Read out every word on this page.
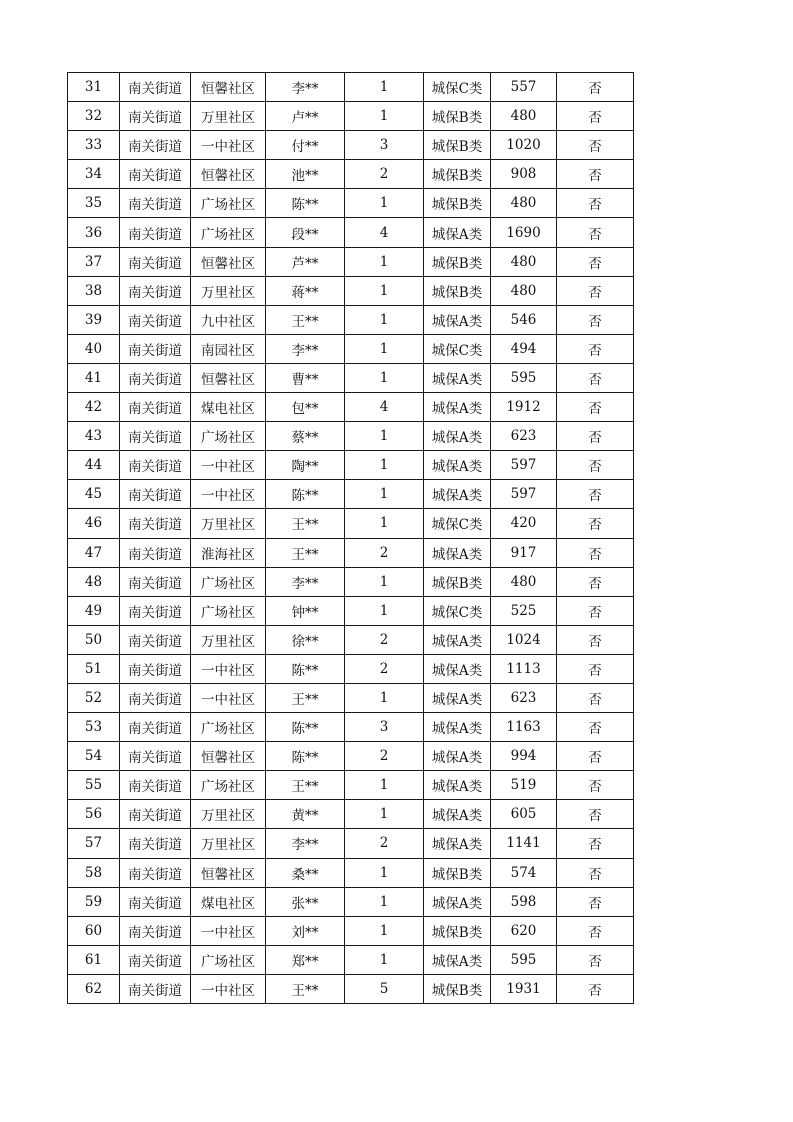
31	南关街道	恒馨社区	李**	1	城保C类	557	否
32	南关街道	万里社区	卢**	1	城保B类	480	否
33	南关街道	一中社区	付**	3	城保B类	1020	否
34	南关街道	恒馨社区	池**	2	城保B类	908	否
35	南关街道	广场社区	陈**	1	城保B类	480	否
36	南关街道	广场社区	段**	4	城保A类	1690	否
37	南关街道	恒馨社区	芦**	1	城保B类	480	否
38	南关街道	万里社区	蒋**	1	城保B类	480	否
39	南关街道	九中社区	王**	1	城保A类	546	否
40	南关街道	南园社区	李**	1	城保C类	494	否
41	南关街道	恒馨社区	曹**	1	城保A类	595	否
42	南关街道	煤电社区	包**	4	城保A类	1912	否
43	南关街道	广场社区	蔡**	1	城保A类	623	否
44	南关街道	一中社区	陶**	1	城保A类	597	否
45	南关街道	一中社区	陈**	1	城保A类	597	否
46	南关街道	万里社区	王**	1	城保C类	420	否
47	南关街道	淮海社区	王**	2	城保A类	917	否
48	南关街道	广场社区	李**	1	城保B类	480	否
49	南关街道	广场社区	钟**	1	城保C类	525	否
50	南关街道	万里社区	徐**	2	城保A类	1024	否
51	南关街道	一中社区	陈**	2	城保A类	1113	否
52	南关街道	一中社区	王**	1	城保A类	623	否
53	南关街道	广场社区	陈**	3	城保A类	1163	否
54	南关街道	恒馨社区	陈**	2	城保A类	994	否
55	南关街道	广场社区	王**	1	城保A类	519	否
56	南关街道	万里社区	黄**	1	城保A类	605	否
57	南关街道	万里社区	李**	2	城保A类	1141	否
58	南关街道	恒馨社区	桑**	1	城保B类	574	否
59	南关街道	煤电社区	张**	1	城保A类	598	否
60	南关街道	一中社区	刘**	1	城保B类	620	否
61	南关街道	广场社区	郑**	1	城保A类	595	否
62	南关街道	一中社区	王**	5	城保B类	1931	否
